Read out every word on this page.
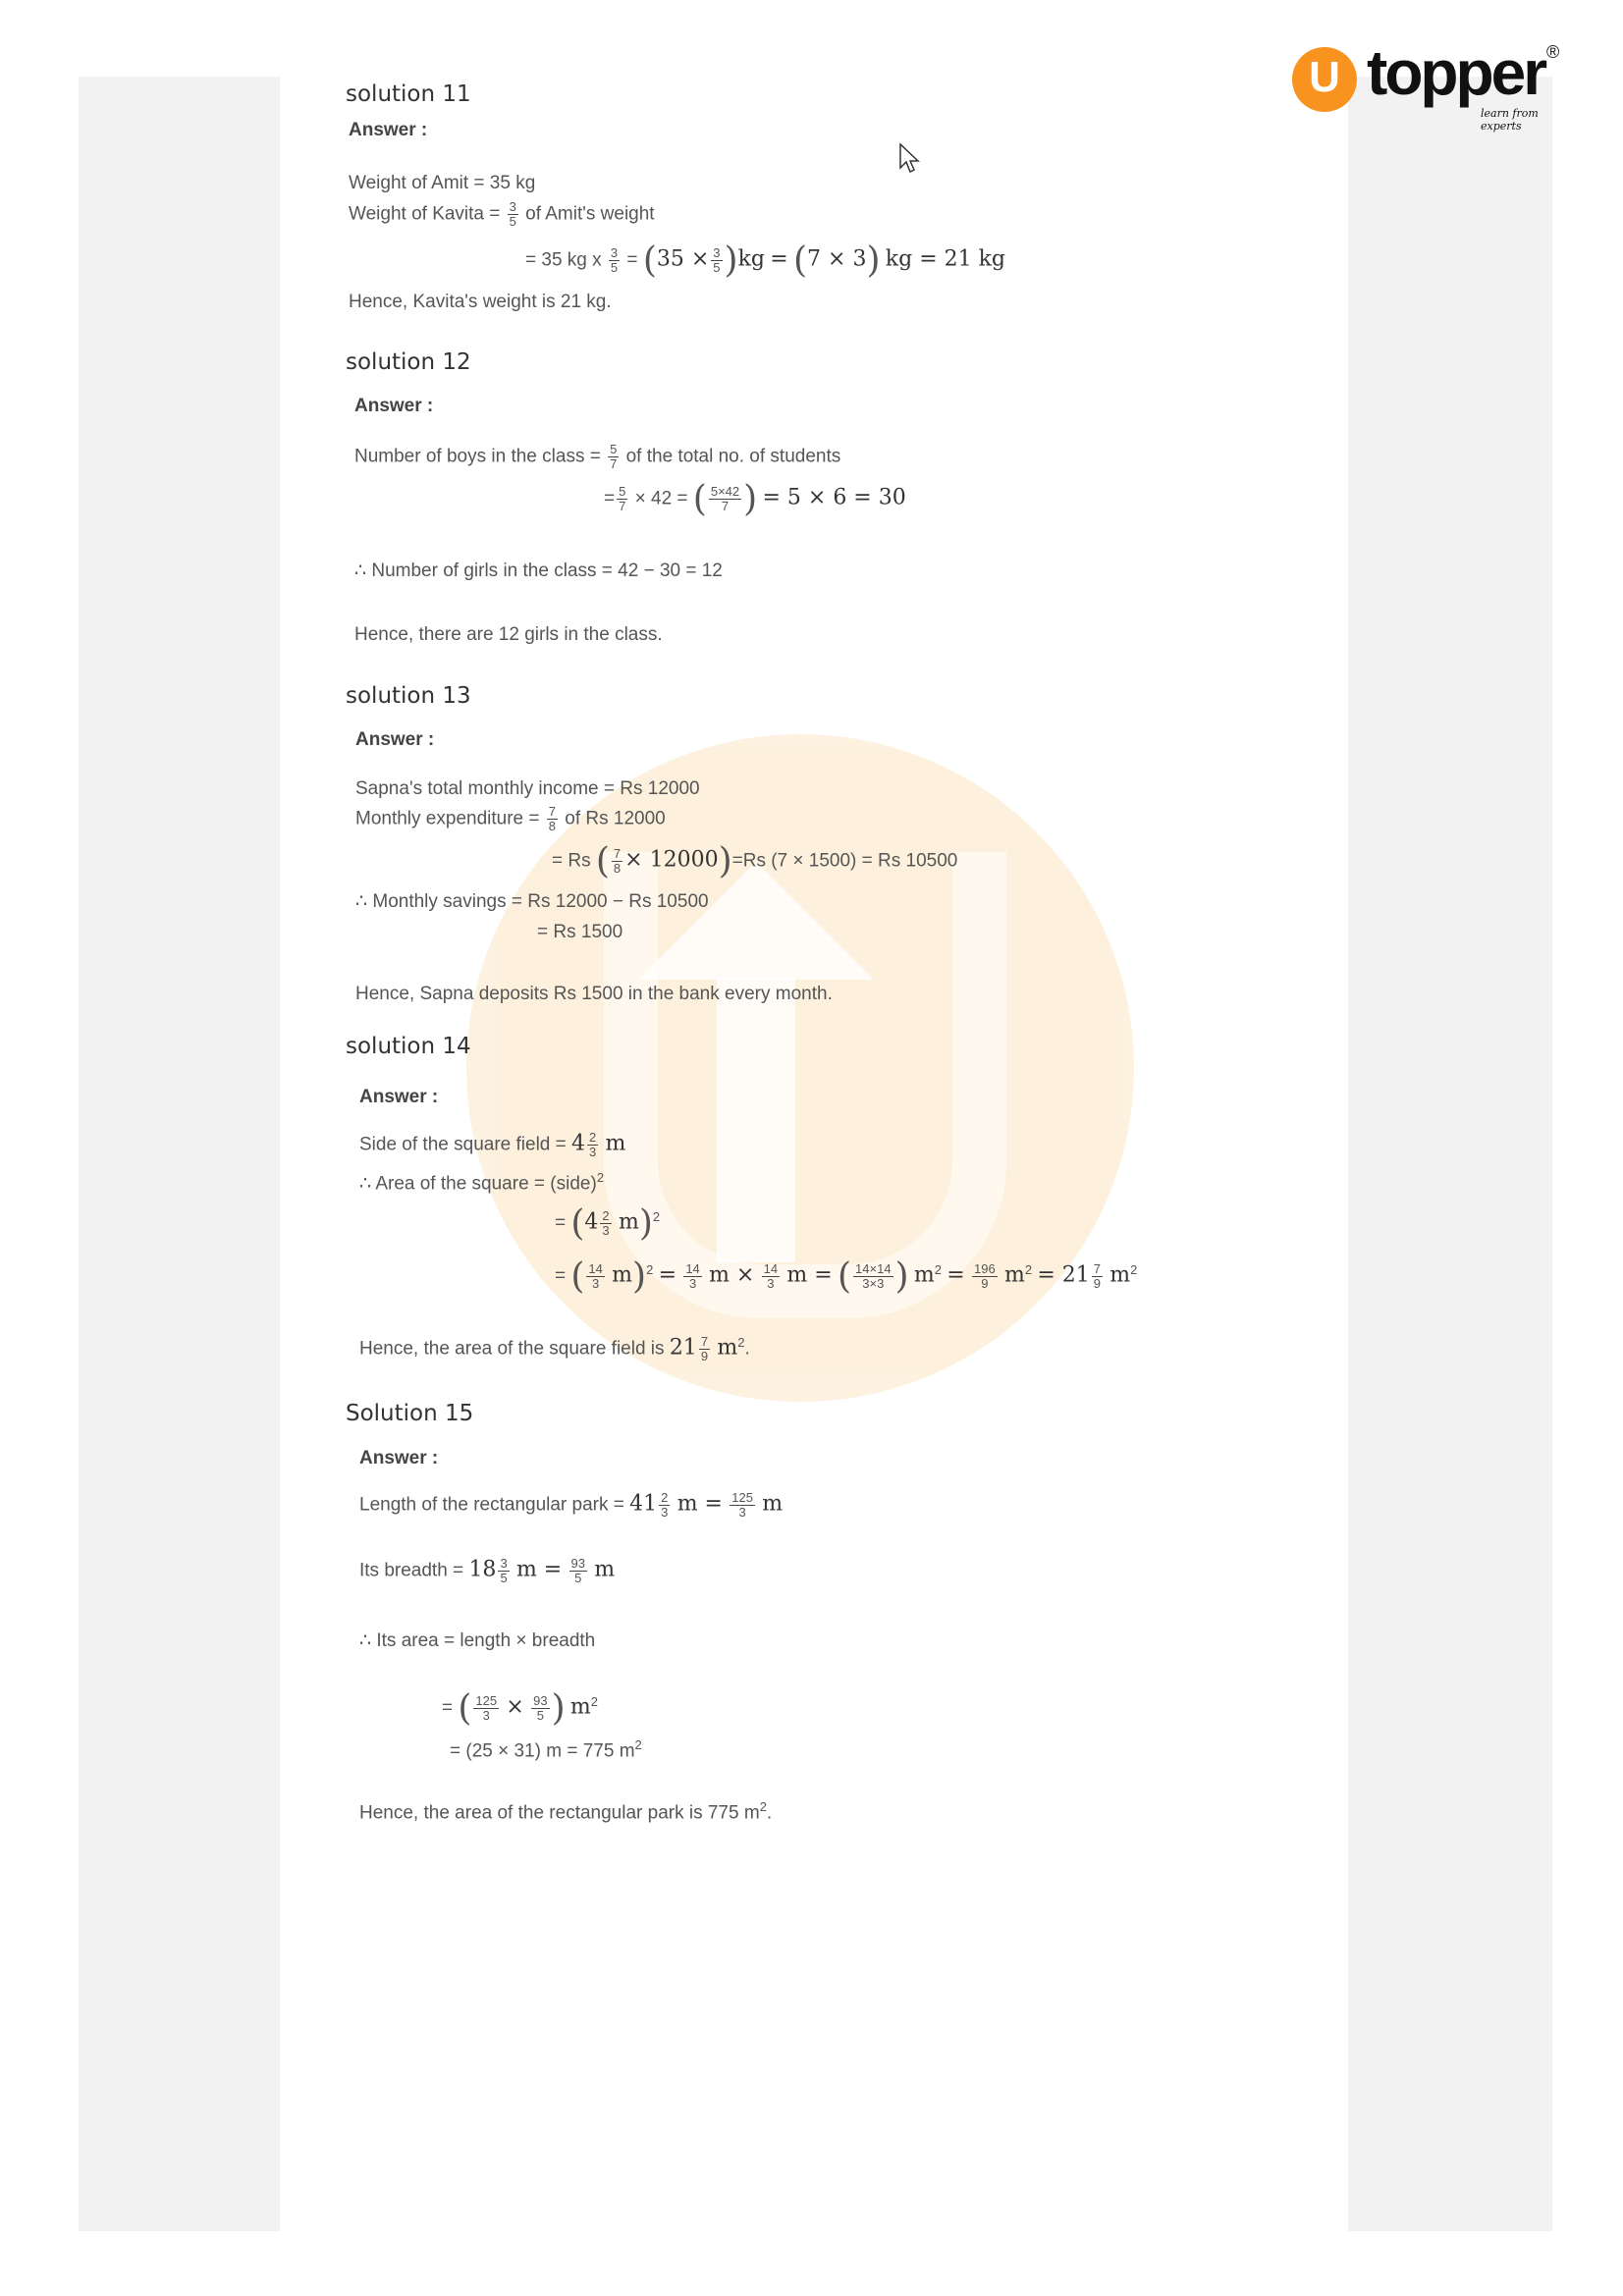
U topper ®
learn from experts
solution 11
Answer :
Weight of Amit = 35 kg
Weight of Kavita = $\frac{3}{5}$ of Amit's weight
= 35 kg x $\frac{3}{5} = (35 \times \frac{3}{5} )kg = (7 \times 3)$ kg = 21 kg
Hence, Kavita's weight is 21 kg.
solution 12
Answer :
Number of boys in the class = $\frac{5}{7}$ of the total no. of students
= $\frac{5}{7} \times 42$ = ( $\frac{5\times 42}{7}$ ) = 5 × 6 = 30
∴ Number of girls in the class = 42 − 30 = 12
Hence, there are 12 girls in the class.
solution 13
Answer :
Sapna's total monthly income = Rs 12000
Monthly expenditure = $\frac{7}{8}$ of Rs 12000
= Rs ( $\frac{7}{8} \times 12000)=Rs$ (7 × 1500) = Rs 10500
∴ Monthly savings = Rs 12000 − Rs 10500
= Rs 1500
Hence, Sapna deposits Rs 1500 in the bank every month.
solution 14
Answer :
Side of the square field = $4 \frac{2}{3}$ m
∴ Area of the square = (side)$^2$
= $(4 \frac{2}{3} m)^2$
= ( $\frac{14}{3} m)^2 = \frac{14}{3}$ $m \times \frac{14}{3}$ m = ( $\frac{14\times 14}{3\times 3}$ ) $m^2 = \frac{196}{9} m^2 = 21 \frac{7}{9} m^2$
Hence, the area of the square field is $21 \frac{7}{9} m^2$.
Solution 15
Answer :
Length of the rectangular park = $41 \frac{2}{3}$ $m = \frac{125}{3}$ m
Its breadth = $18 \frac{3}{5}$ $m = \frac{93}{5}$ m
∴ Its area = length × breadth
= ( $\frac{125}{3} \times \frac{93}{5}$ ) $m^2$
= (25 × 31) m = 775 $m^2$
Hence, the area of the rectangular park is 775 $m^2$.
